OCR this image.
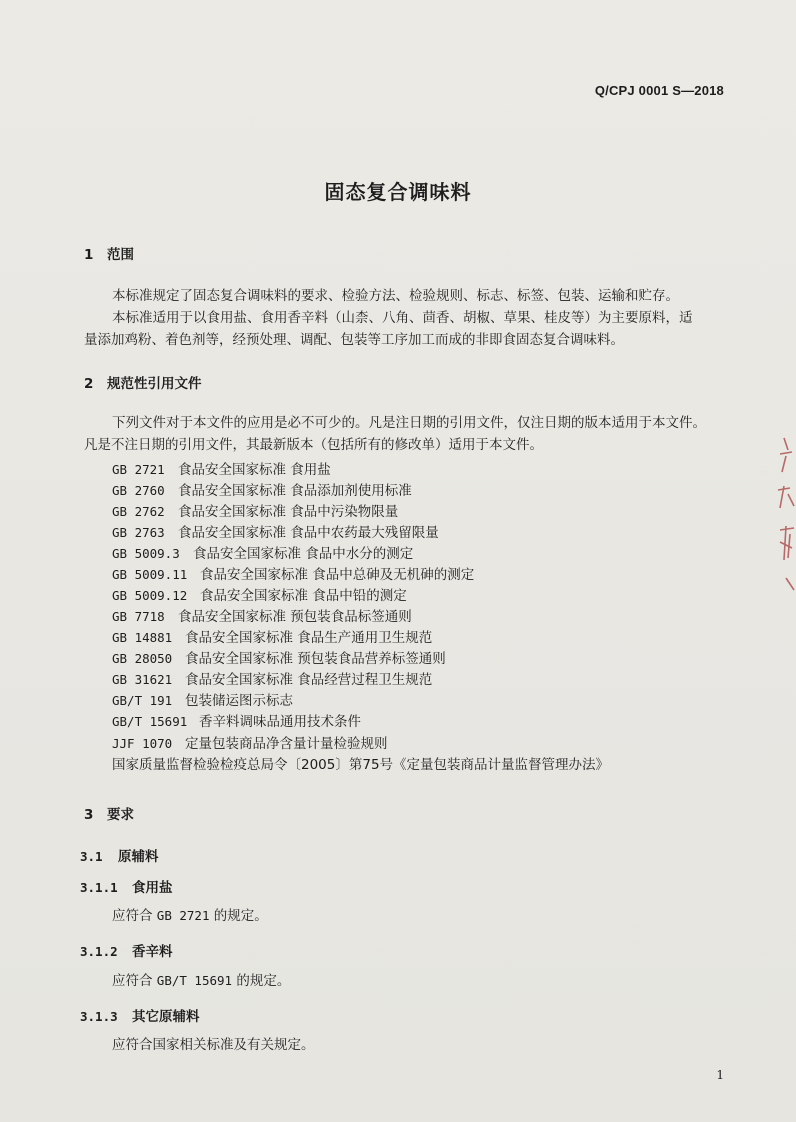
Q/CPJ 0001 S—2018
固态复合调味料
1 范围
本标准规定了固态复合调味料的要求、检验方法、检验规则、标志、标签、包装、运输和贮存。
本标准适用于以食用盐、食用香辛料（山柰、八角、茴香、胡椒、草果、桂皮等）为主要原料，适
量添加鸡粉、着色剂等，经预处理、调配、包装等工序加工而成的非即食固态复合调味料。
2 规范性引用文件
下列文件对于本文件的应用是必不可少的。凡是注日期的引用文件，仅注日期的版本适用于本文件。
凡是不注日期的引用文件，其最新版本（包括所有的修改单）适用于本文件。
GB 2721 食品安全国家标准 食用盐
GB 2760 食品安全国家标准 食品添加剂使用标准
GB 2762 食品安全国家标准 食品中污染物限量
GB 2763 食品安全国家标准 食品中农药最大残留限量
GB 5009.3 食品安全国家标准 食品中水分的测定
GB 5009.11 食品安全国家标准 食品中总砷及无机砷的测定
GB 5009.12 食品安全国家标准 食品中铅的测定
GB 7718 食品安全国家标准 预包装食品标签通则
GB 14881 食品安全国家标准 食品生产通用卫生规范
GB 28050 食品安全国家标准 预包装食品营养标签通则
GB 31621 食品安全国家标准 食品经营过程卫生规范
GB/T 191 包装储运图示标志
GB/T 15691 香辛料调味品通用技术条件
JJF 1070 定量包装商品净含量计量检验规则
国家质量监督检验检疫总局令〔2005〕第75号《定量包装商品计量监督管理办法》
3 要求
3.1 原辅料
3.1.1 食用盐
应符合 GB 2721 的规定。
3.1.2 香辛料
应符合 GB/T 15691 的规定。
3.1.3 其它原辅料
应符合国家相关标准及有关规定。
1
